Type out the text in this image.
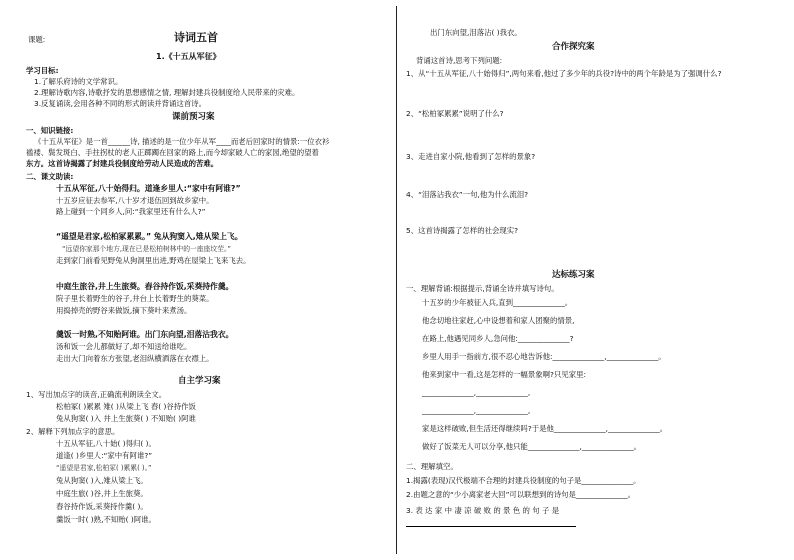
课题:	诗词五首
1.《十五从军征》
学习目标:
1.了解乐府诗的文学常识。
2.理解诗歌内容,诗歌抒发的思想感情之情, 理解封建兵役制度给人民带来的灾难。
3.反复诵读,会用各种不同的形式朗读并背诵这首诗。
课前预习案
一、知识链接:
《十五从军征》是一首______诗, 描述的是一位少年从军____而老后回家时的情景:一位衣衫
褴褛、鬓发斑白、手拄拐杖的老人正踯躅在回家的路上,而今却家破人亡的家园,绝望的望着
东方。这首诗揭露了封建兵役制度给劳动人民造成的苦难。
二、课文助读:
十五从军征,八十始得归。道逢乡里人:“家中有阿谁?”
十五岁应征去参军,八十岁才退伍回到故乡家中。
路上碰到一个同乡人,问:“我家里还有什么人?”
“遥望是君家,松柏冢累累。” 兔从狗窦入,雉从梁上飞。
“远望你家那个地方,现在已是松柏树林中的一座座坟茔。”
走到家门前看见野兔从狗洞里出进,野鸡在屋梁上飞来飞去。
中庭生旅谷,井上生旅葵。舂谷持作饭,采葵持作羹。
院子里长着野生的谷子,井台上长着野生的葵菜。
用捣掉壳的野谷来做饭,摘下葵叶来煮汤。
羹饭一时熟,不知贻阿谁。出门东向望,泪落沾我衣。
汤和饭一会儿都做好了,却不知送给谁吃。
走出大门向着东方张望,老泪纵横洒落在衣襟上。
自主学习案
1、写出加点字的读音,正确流利朗读全文。
松柏冢( )累累 雉( )从梁上飞 舂( )谷持作饭
兔从狗窦( )入 井上生旅葵( ) 不知贻( )阿谁
2、解释下列加点字的意思。
十五从军征,八十始( )得归( )。
道逢( )乡里人:“家中有阿谁?”
“遥望是君家,松柏冢( )累累( )。”
兔从狗窦( )入,雉从梁上飞。
中庭生旅( )谷,井上生旅葵。
舂谷持作饭,采葵持作羹( )。
羹饭一时( )熟,不知贻( )阿谁。
出门东向望,泪落沾( )我衣。
合作探究案
背诵这首诗,思考下列问题:
1、从“十五从军征,八十始得归”,两句来看,他过了多少年的兵役?诗中的两个年龄是为了强调什么?
2、“松柏冢累累”说明了什么?
3、走进自家小院,他看到了怎样的景象?
4、“泪落沾我衣”一句,他为什么流泪?
5、这首诗揭露了怎样的社会现实?
达标练习案
一、理解背诵:根据提示,背诵全诗并填写诗句。
十五岁的少年被征入兵,直到______________。
他念切地往家赶,心中设想着和家人团聚的情景,
在路上,他遇见同乡人,急问他:______________?
乡里人用手一指前方,很不忍心地告诉他:______________,______________。
他来到家中一看,这是怎样的一幅景象啊?只见家里:
______________,______________,
______________,______________,
家是这样破败,但生活还得继续吗?于是他______________,______________。
做好了饭菜无人可以分享,他只能______________,______________。
二、理解填空。
1.揭露(表现)汉代极端不合理的封建兵役制度的句子是______________。
2.由题之意的“少小离家老大回”可以联想到的诗句是______________。
3. 表 达 家 中 凄 凉 破 败 的 景 色 的 句 子 是
